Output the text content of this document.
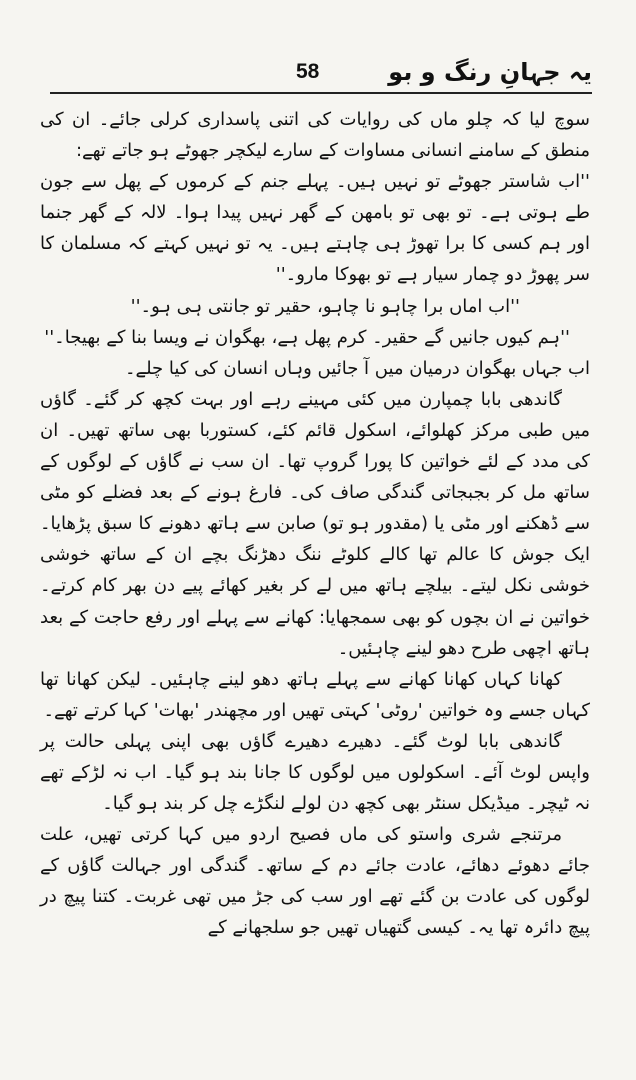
یہ جہانِ رنگ و بو
58

سوچ لیا کہ چلو ماں کی روایات کی اتنی پاسداری کرلی جائے۔ ان کی منطق کے سامنے انسانی مساوات کے سارے لیکچر جھوٹے ہو جاتے تھے:

''اب شاستر جھوٹے تو نہیں ہیں۔ پہلے جنم کے کرموں کے پھل سے جون طے ہوتی ہے۔ تو بھی تو بامھن کے گھر نہیں پیدا ہوا۔ لالہ کے گھر جنما اور ہم کسی کا برا تھوڑ ہی چاہتے ہیں۔ یہ تو نہیں کہتے کہ مسلمان کا سر پھوڑ دو چمار سیار ہے تو بھوکا مارو۔''

''اب اماں برا چاہو نا چاہو، حقیر تو جانتی ہی ہو۔''

''ہم کیوں جانیں گے حقیر۔ کرم پھل ہے، بھگوان نے ویسا بنا کے بھیجا۔''

اب جہاں بھگوان درمیان میں آ جائیں وہاں انسان کی کیا چلے۔

گاندھی بابا چمپارن میں کئی مہینے رہے اور بہت کچھ کر گئے۔ گاؤں میں طبی مرکز کھلوائے، اسکول قائم کئے، کستوربا بھی ساتھ تھیں۔ ان کی مدد کے لئے خواتین کا پورا گروپ تھا۔ ان سب نے گاؤں کے لوگوں کے ساتھ مل کر بجبجاتی گندگی صاف کی۔ فارغ ہونے کے بعد فضلے کو مٹی سے ڈھکنے اور مٹی یا (مقدور ہو تو) صابن سے ہاتھ دھونے کا سبق پڑھایا۔ ایک جوش کا عالم تھا کالے کلوٹے ننگ دھڑنگ بچے ان کے ساتھ خوشی خوشی نکل لیتے۔ بیلچے ہاتھ میں لے کر بغیر کھائے پیے دن بھر کام کرتے۔ خواتین نے ان بچوں کو بھی سمجھایا: کھانے سے پہلے اور رفع حاجت کے بعد ہاتھ اچھی طرح دھو لینے چاہئیں۔

کھانا کہاں کھانا کھانے سے پہلے ہاتھ دھو لینے چاہئیں۔ لیکن کھانا تھا کہاں جسے وہ خواتین 'روٹی' کہتی تھیں اور مچھندر 'بھات' کہا کرتے تھے۔

گاندھی بابا لوٹ گئے۔ دھیرے دھیرے گاؤں بھی اپنی پہلی حالت پر واپس لوٹ آئے۔ اسکولوں میں لوگوں کا جانا بند ہو گیا۔ اب نہ لڑکے تھے نہ ٹیچر۔ میڈیکل سنٹر بھی کچھ دن لولے لنگڑے چل کر بند ہو گیا۔

مرتنجے شری واستو کی ماں فصیح اردو میں کہا کرتی تھیں، علت جائے دھوئے دھائے، عادت جائے دم کے ساتھ۔ گندگی اور جہالت گاؤں کے لوگوں کی عادت بن گئے تھے اور سب کی جڑ میں تھی غربت۔ کتنا پیچ در پیچ دائرہ تھا یہ۔ کیسی گتھیاں تھیں جو سلجھانے کے
